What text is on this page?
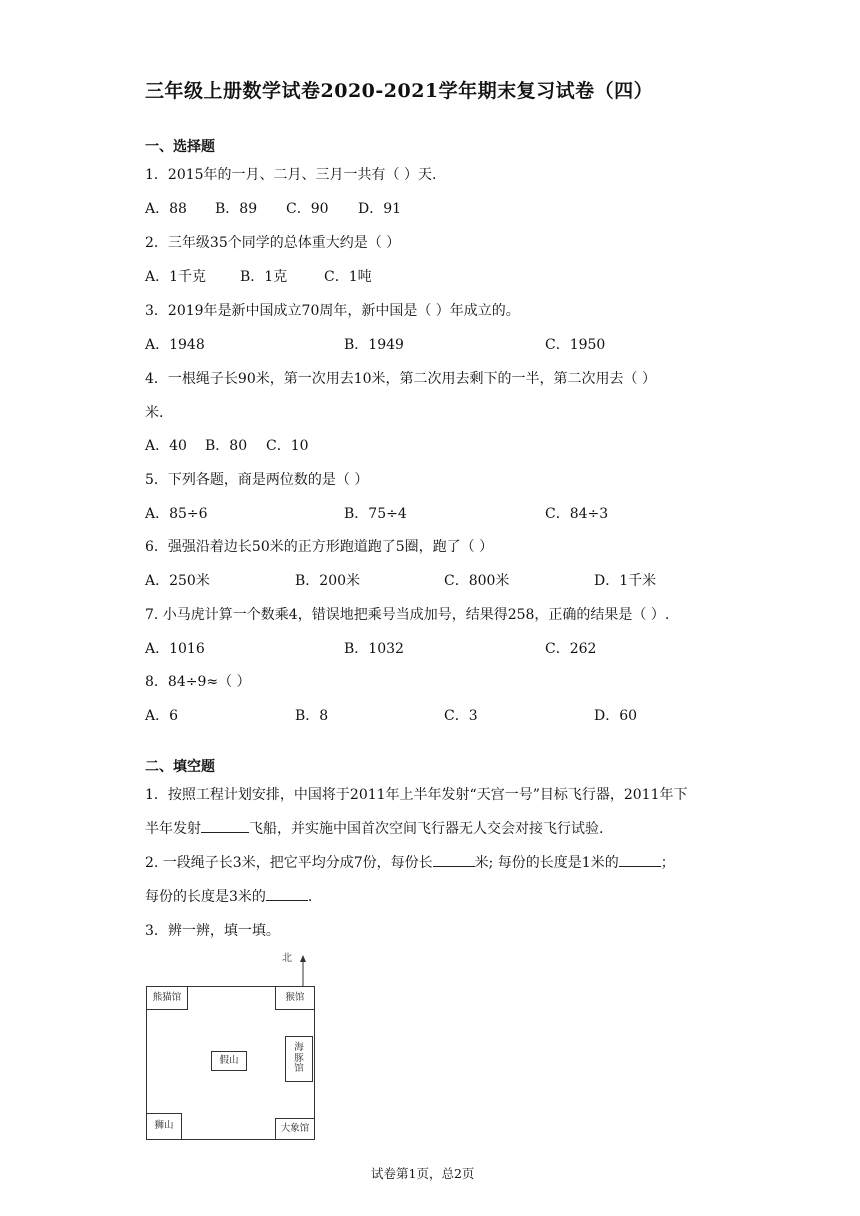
三年级上册数学试卷2020-2021学年期末复习试卷（四）
一、选择题
1．2015年的一月、二月、三月一共有（ ）天.
A．88 B．89 C．90 D．91
2．三年级35个同学的总体重大约是（ ）
A．1千克 B．1克	C．1吨
3．2019年是新中国成立70周年，新中国是（ ）年成立的。
A．1948	B．1949	C．1950
4．一根绳子长90米，第一次用去10米，第二次用去剩下的一半，第二次用去（ ）
米.
A．40 B．80 C．10
5．下列各题，商是两位数的是（ ）
A．85÷6	B．75÷4	C．84÷3
6．强强沿着边长50米的正方形跑道跑了5圈，跑了（ ）
A．250米	B．200米	C．800米	D．1千米
7. 小马虎计算一个数乘4，错误地把乘号当成加号，结果得258，正确的结果是（ ）.
A．1016	B．1032	C．262
8．84÷9≈（ ）
A．6	B．8	C．3	D．60
二、填空题
1．按照工程计划安排，中国将于2011年上半年发射“天宫一号”目标飞行器，2011年下
半年发射	飞船，并实施中国首次空间飞行器无人交会对接飞行试验.
2. 一段绳子长3米，把它平均分成7份，每份长	米; 每份的长度是1米的	；
每份的长度是3米的	.
3．辨一辨，填一填。
北
熊猫馆	猴馆
假山
海
豚
馆
狮山	大象馆
试卷第1页，总2页
